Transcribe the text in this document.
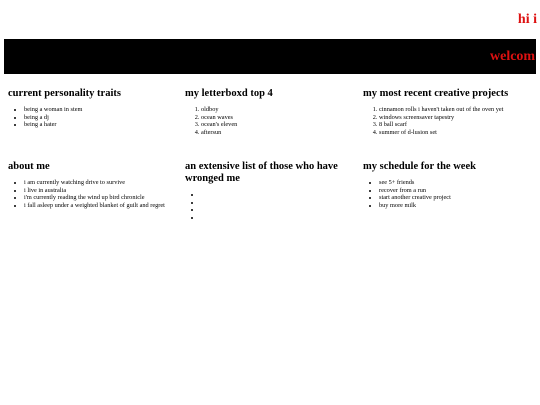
hi i
welcom
current personality traits
• being a woman in stem
• being a dj
• being a hater
my letterboxd top 4
1. oldboy
2. ocean waves
3. ocean's eleven
4. aftersun
my most recent creative projects
1. cinnamon rolls i haven't taken out of the oven yet
2. windows screensaver tapestry
3. 8 ball scarf
4. summer of d-lusion set
about me
• i am currently watching drive to survive
• i live in australia
• i'm currently reading the wind up bird chronicle
• i fall asleep under a weighted blanket of guilt and regret
an extensive list of those who have wronged me
•
•
•
•
my schedule for the week
• see 5+ friends
• recover from a run
• start another creative project
• buy more milk
